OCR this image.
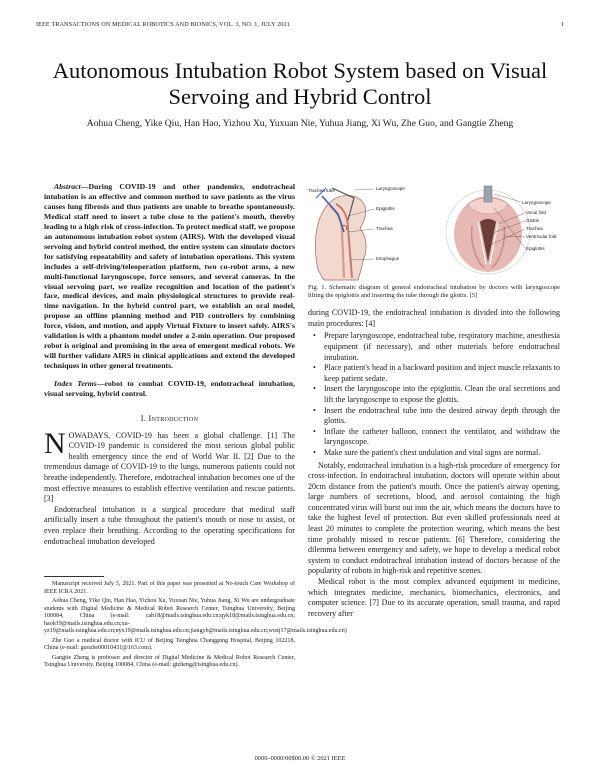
IEEE TRANSACTIONS ON MEDICAL ROBOTICS AND BIONICS, VOL. 3, NO. 1, JULY 2021	1
Autonomous Intubation Robot System based on Visual Servoing and Hybrid Control
Aohua Cheng, Yike Qiu, Han Hao, Yizhou Xu, Yuxuan Nie, Yuhua Jiang, Xi Wu, Zhe Guo, and Gangtie Zheng

Abstract—During COVID-19 and other pandemics, endotracheal intubation is an effective and common method to save patients as the virus causes lung fibrosis and thus patients are unable to breathe spontaneously. Medical staff need to insert a tube close to the patient's mouth, thereby leading to a high risk of cross-infection. To protect medical staff, we propose an autonomous intubation robot system (AIRS). With the developed visual servoing and hybrid control method, the entire system can simulate doctors for satisfying repeatability and safety of intubation operations. This system includes a self-driving/teleoperation platform, two co-robot arms, a new multi-functional laryngoscope, force sensors, and several cameras. In the visual servoing part, we realize recognition and location of the patient's face, medical devices, and main physiological structures to provide real-time navigation. In the hybrid control part, we establish an oral model, propose an offline planning method and PID controllers by combining force, vision, and motion, and apply Virtual Fixture to insert safely. AIRS's validation is with a phantom model under a 2-min operation. Our proposed robot is original and promising in the area of emergent medical robots. We will further validate AIRS in clinical applications and extend the developed techniques in other general treatments.

Index Terms—robot to combat COVID-19, endotracheal intubation, visual servoing, hybrid control.

I. Introduction

NOWADAYS, COVID-19 has been a global challenge. [1] The COVID-19 pandemic is considered the most serious global public health emergency since the end of World War II. [2] Due to the tremendous damage of COVID-19 to the lungs, numerous patients could not breathe independently. Therefore, endotracheal intubation becomes one of the most effective measures to establish effective ventilation and rescue patients. [3]

Endotracheal intubation is a surgical procedure that medical staff artificially insert a tube throughout the patient's mouth or nose to assist, or even replace their breathing. According to the operating specifications for endotracheal intubation developed

Manuscript received July 5, 2021. Part of this paper was presented at No-touch Care Workshop of IEEE ICRA 2021.

Aohua Cheng, Yike Qiu, Han Hao, Yizhou Xu, Yuxuan Nie, Yuhua Jiang, Xi Wu are undergraduate students with Digital Medicine & Medical Robot Research Center, Tsinghua University, Beijing 100084, China (e-mail: cah18@mails.tsinghua.edu.cn;qyk18@mails.tsinghua.edu.cn; haoh19@mails.tsinghua.edu.cn;xu-yz19@mails.tsinghua.edu.cn;nyx19@mails.tsinghua.edu.cn;jiangyh@mails.tsinghua.edu.cn;wuxj17@mails.tsinghua.edu.cn)

Zhe Guo a medical doctor with ICU of Beijing Tsinghua Changgung Hospital, Beijing 102218, China (e-mail: guozhe00010431@163.com).

Gangtie Zheng is professor and director of Digital Medicine & Medical Robot Research Center, Tsinghua University, Beijing 100084, China (e-mail: gtzheng@tsinghua.edu.cn).

Trachea tube	Laryngoscope
Epiglottis
Trachea
Esophagus
Laryngoscope
Vocal fold
Glottis
Trachea
Ventricular fold
Epiglottis

Fig. 1. Schematic diagram of general endotracheal intubation by doctors with laryngoscope lifting the epiglottis and inserting the tube through the glottis. [5]

during COVID-19, the endotracheal intubation is divided into the following main procedures: [4]

• Prepare laryngoscope, endotracheal tube, respiratory machine, anesthesia equipment (if necessary), and other materials before endotracheal intubation.
• Place patient's head in a backward position and inject muscle relaxants to keep patient sedate.
• Insert the laryngoscope into the epiglottis. Clean the oral secretions and lift the laryngoscope to expose the glottis.
• Insert the endotracheal tube into the desired airway depth through the glottis.
• Inflate the catheter balloon, connect the ventilator, and withdraw the laryngoscope.
• Make sure the patient's chest undulation and vital signs are normal.

Notably, endotracheal intubation is a high-risk procedure of emergency for cross-infection. In endotracheal intubation, doctors will operate within about 20cm distance from the patient's mouth. Once the patient's airway opening, large numbers of secretions, blood, and aerosol containing the high concentrated virus will burst out into the air, which means the doctors have to take the highest level of protection. But even skilled professionals need at least 20 minutes to complete the protection wearing, which means the best time probably missed to rescue patients. [6] Therefore, considering the dilemma between emergency and safety, we hope to develop a medical robot system to conduct endotracheal intubation instead of doctors because of the popularity of robots in high-risk and repetitive scenes.

Medical robot is the most complex advanced equipment in medicine, which integrates medicine, mechanics, biomechanics, electronics, and computer science. [7] Due to its accurate operation, small trauma, and rapid recovery after

0000–0000/00$00.00 © 2021 IEEE
